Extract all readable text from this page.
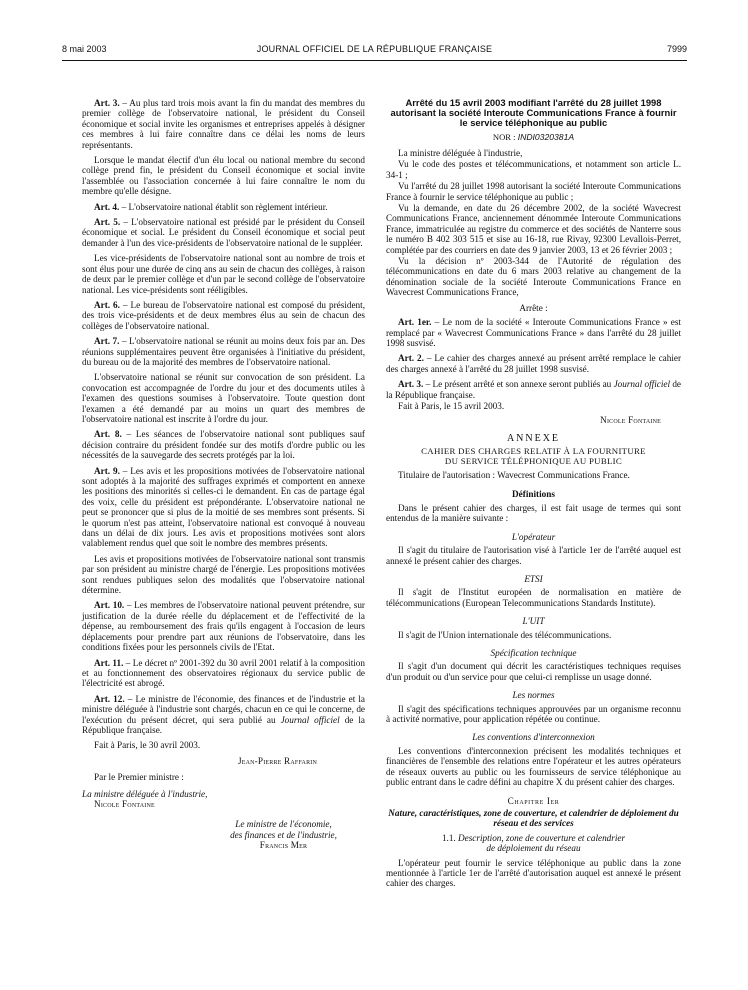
8 mai 2003	JOURNAL OFFICIEL DE LA RÉPUBLIQUE FRANÇAISE	7999

Art. 3. – Au plus tard trois mois avant la fin du mandat des membres du premier collège de l'observatoire national, le président du Conseil économique et social invite les organismes et entreprises appelés à désigner ces membres à lui faire connaître dans ce délai les noms de leurs représentants.

Lorsque le mandat électif d'un élu local ou national membre du second collège prend fin, le président du Conseil économique et social invite l'assemblée ou l'association concernée à lui faire connaître le nom du membre qu'elle désigne.

Art. 4. – L'observatoire national établit son règlement intérieur.

Art. 5. – L'observatoire national est présidé par le président du Conseil économique et social. Le président du Conseil économique et social peut demander à l'un des vice-présidents de l'observatoire national de le suppléer.

Les vice-présidents de l'observatoire national sont au nombre de trois et sont élus pour une durée de cinq ans au sein de chacun des collèges, à raison de deux par le premier collège et d'un par le second collège de l'observatoire national. Les vice-présidents sont rééligibles.

Art. 6. – Le bureau de l'observatoire national est composé du président, des trois vice-présidents et de deux membres élus au sein de chacun des collèges de l'observatoire national.

Art. 7. – L'observatoire national se réunit au moins deux fois par an. Des réunions supplémentaires peuvent être organisées à l'initiative du président, du bureau ou de la majorité des membres de l'observatoire national.

L'observatoire national se réunit sur convocation de son président. La convocation est accompagnée de l'ordre du jour et des documents utiles à l'examen des questions soumises à l'observatoire. Toute question dont l'examen a été demandé par au moins un quart des membres de l'observatoire national est inscrite à l'ordre du jour.

Art. 8. – Les séances de l'observatoire national sont publiques sauf décision contraire du président fondée sur des motifs d'ordre public ou les nécessités de la sauvegarde des secrets protégés par la loi.

Art. 9. – Les avis et les propositions motivées de l'observatoire national sont adoptés à la majorité des suffrages exprimés et comportent en annexe les positions des minorités si celles-ci le demandent. En cas de partage égal des voix, celle du président est prépondérante. L'observatoire national ne peut se prononcer que si plus de la moitié de ses membres sont présents. Si le quorum n'est pas atteint, l'observatoire national est convoqué à nouveau dans un délai de dix jours. Les avis et propositions motivées sont alors valablement rendus quel que soit le nombre des membres présents.

Les avis et propositions motivées de l'observatoire national sont transmis par son président au ministre chargé de l'énergie. Les propositions motivées sont rendues publiques selon des modalités que l'observatoire national détermine.

Art. 10. – Les membres de l'observatoire national peuvent prétendre, sur justification de la durée réelle du déplacement et de l'effectivité de la dépense, au remboursement des frais qu'ils engagent à l'occasion de leurs déplacements pour prendre part aux réunions de l'observatoire, dans les conditions fixées pour les personnels civils de l'Etat.

Art. 11. – Le décret nº 2001-392 du 30 avril 2001 relatif à la composition et au fonctionnement des observatoires régionaux du service public de l'électricité est abrogé.

Art. 12. – Le ministre de l'économie, des finances et de l'industrie et la ministre déléguée à l'industrie sont chargés, chacun en ce qui le concerne, de l'exécution du présent décret, qui sera publié au Journal officiel de la République française.

Fait à Paris, le 30 avril 2003.

Jean-Pierre Raffarin
Par le Premier ministre :
La ministre déléguée à l'industrie,
Nicole Fontaine
Le ministre de l'économie,
des finances et de l'industrie,
Francis Mer
Arrêté du 15 avril 2003 modifiant l'arrêté du 28 juillet 1998 autorisant la société Interoute Communications France à fournir le service téléphonique au public
NOR : INDI0320381A

La ministre déléguée à l'industrie,

Vu le code des postes et télécommunications, et notamment son article L. 34-1 ;

Vu l'arrêté du 28 juillet 1998 autorisant la société Interoute Communications France à fournir le service téléphonique au public ;

Vu la demande, en date du 26 décembre 2002, de la société Wavecrest Communications France, anciennement dénommée Interoute Communications France, immatriculée au registre du commerce et des sociétés de Nanterre sous le numéro B 402 303 515 et sise au 16-18, rue Rivay, 92300 Levallois-Perret, complétée par des courriers en date des 9 janvier 2003, 13 et 26 février 2003 ;

Vu la décision nº 2003-344 de l'Autorité de régulation des télécommunications en date du 6 mars 2003 relative au changement de la dénomination sociale de la société Interoute Communications France en Wavecrest Communications France,

Arrête :

Art. 1er. – Le nom de la société « Interoute Communications France » est remplacé par « Wavecrest Communications France » dans l'arrêté du 28 juillet 1998 susvisé.

Art. 2. – Le cahier des charges annexé au présent arrêté remplace le cahier des charges annexé à l'arrêté du 28 juillet 1998 susvisé.

Art. 3. – Le présent arrêté et son annexe seront publiés au Journal officiel de la République française.

Fait à Paris, le 15 avril 2003.

Nicole Fontaine
ANNEXE
CAHIER DES CHARGES RELATIF À LA FOURNITURE
DU SERVICE TÉLÉPHONIQUE AU PUBLIC

Titulaire de l'autorisation : Wavecrest Communications France.

Définitions

Dans le présent cahier des charges, il est fait usage de termes qui sont entendus de la manière suivante :

L'opérateur

Il s'agit du titulaire de l'autorisation visé à l'article 1er de l'arrêté auquel est annexé le présent cahier des charges.

ETSI

Il s'agit de l'Institut européen de normalisation en matière de télécommunications (European Telecommunications Standards Institute).

L'UIT

Il s'agit de l'Union internationale des télécommunications.

Spécification technique

Il s'agit d'un document qui décrit les caractéristiques techniques requises d'un produit ou d'un service pour que celui-ci remplisse un usage donné.

Les normes

Il s'agit des spécifications techniques approuvées par un organisme reconnu à activité normative, pour application répétée ou continue.

Les conventions d'interconnexion

Les conventions d'interconnexion précisent les modalités techniques et financières de l'ensemble des relations entre l'opérateur et les autres opérateurs de réseaux ouverts au public ou les fournisseurs de service téléphonique au public entrant dans le cadre défini au chapitre X du présent cahier des charges.

Chapitre Ier
Nature, caractéristiques, zone de couverture, et calendrier de déploiement du réseau et des services
1.1. Description, zone de couverture et calendrier
de déploiement du réseau

L'opérateur peut fournir le service téléphonique au public dans la zone mentionnée à l'article 1er de l'arrêté d'autorisation auquel est annexé le présent cahier des charges.
